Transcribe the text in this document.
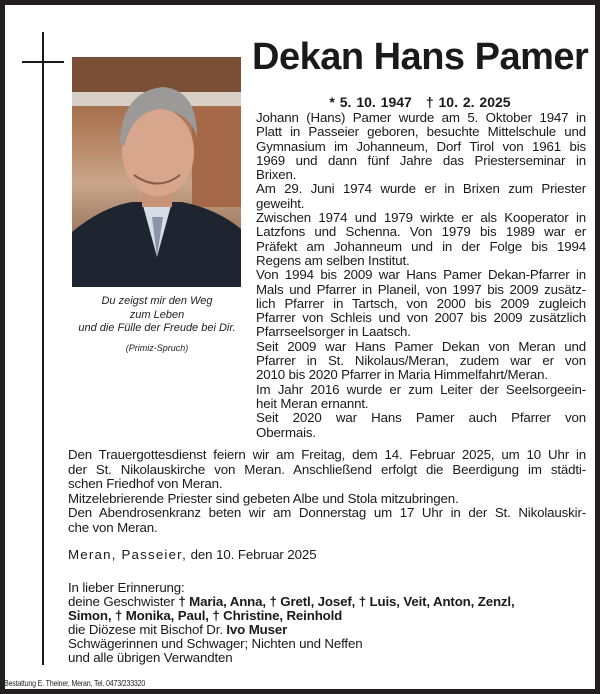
Du zeigst mir den Weg
zum Leben
und die Fülle der Freude bei Dir.
(Primiz-Spruch)
Dekan Hans Pamer
* 5. 10. 1947 † 10. 2. 2025
Johann (Hans) Pamer wurde am 5. Oktober 1947 in
Platt in Passeier geboren, besuchte Mittelschule und
Gymnasium im Johanneum, Dorf Tirol von 1961 bis
1969 und dann fünf Jahre das Priesterseminar in
Brixen.
Am 29. Juni 1974 wurde er in Brixen zum Priester
geweiht.
Zwischen 1974 und 1979 wirkte er als Kooperator in
Latzfons und Schenna. Von 1979 bis 1989 war er
Präfekt am Johanneum und in der Folge bis 1994
Regens am selben Institut.
Von 1994 bis 2009 war Hans Pamer Dekan-Pfarrer in
Mals und Pfarrer in Planeil, von 1997 bis 2009 zusätz-
lich Pfarrer in Tartsch, von 2000 bis 2009 zugleich
Pfarrer von Schleis und von 2007 bis 2009 zusätzlich
Pfarrseelsorger in Laatsch.
Seit 2009 war Hans Pamer Dekan von Meran und
Pfarrer in St. Nikolaus/Meran, zudem war er von
2010 bis 2020 Pfarrer in Maria Himmelfahrt/Meran.
Im Jahr 2016 wurde er zum Leiter der Seelsorgeein-
heit Meran ernannt.
Seit 2020 war Hans Pamer auch Pfarrer von
Obermais.
Den Trauergottesdienst feiern wir am Freitag, dem 14. Februar 2025, um 10 Uhr in
der St. Nikolauskirche von Meran. Anschließend erfolgt die Beerdigung im städti-
schen Friedhof von Meran.
Mitzelebrierende Priester sind gebeten Albe und Stola mitzubringen.
Den Abendrosenkranz beten wir am Donnerstag um 17 Uhr in der St. Nikolauskir-
che von Meran.
Meran, Passeier, den 10. Februar 2025
In lieber Erinnerung:
deine Geschwister † Maria, Anna, † Gretl, Josef, † Luis, Veit, Anton, Zenzl,
Simon, † Monika, Paul, † Christine, Reinhold
die Diözese mit Bischof Dr. Ivo Muser
Schwägerinnen und Schwager; Nichten und Neffen
und alle übrigen Verwandten
Bestattung E. Theiner, Meran, Tel. 0473/233320
